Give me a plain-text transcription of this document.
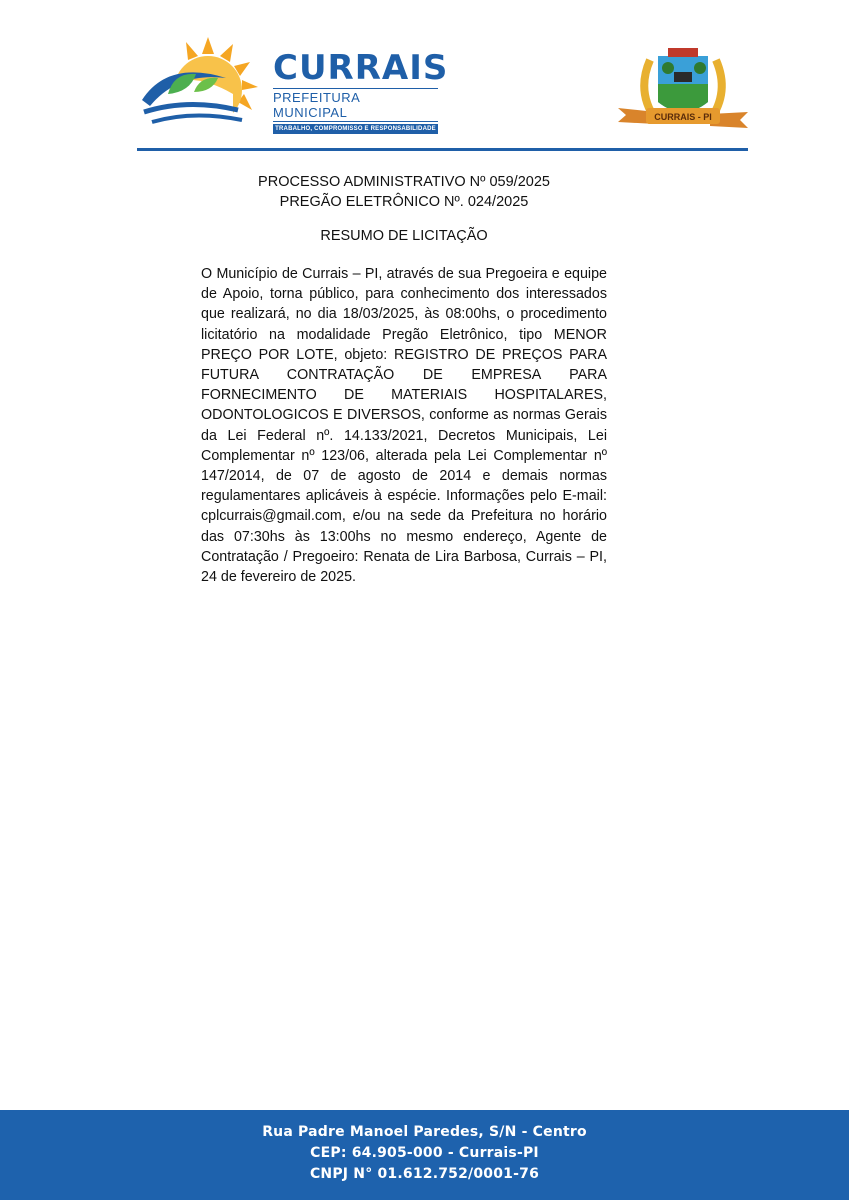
CURRAIS
PREFEITURA MUNICIPAL
TRABALHO, COMPROMISSO E RESPONSABILIDADE
CURRAIS - PI
PROCESSO ADMINISTRATIVO Nº 059/2025
PREGÃO ELETRÔNICO Nº. 024/2025
RESUMO DE LICITAÇÃO
O Município de Currais – PI, através de sua Pregoeira e equipe de Apoio, torna público, para conhecimento dos interessados que realizará, no dia 18/03/2025, às 08:00hs, o procedimento licitatório na modalidade Pregão Eletrônico, tipo MENOR PREÇO POR LOTE, objeto: REGISTRO DE PREÇOS PARA FUTURA CONTRATAÇÃO DE EMPRESA PARA FORNECIMENTO DE MATERIAIS HOSPITALARES, ODONTOLOGICOS E DIVERSOS, conforme as normas Gerais da Lei Federal nº. 14.133/2021, Decretos Municipais, Lei Complementar nº 123/06, alterada pela Lei Complementar nº 147/2014, de 07 de agosto de 2014 e demais normas regulamentares aplicáveis à espécie. Informações pelo E-mail: cplcurrais@gmail.com, e/ou na sede da Prefeitura no horário das 07:30hs às 13:00hs no mesmo endereço, Agente de Contratação / Pregoeiro: Renata de Lira Barbosa, Currais – PI, 24 de fevereiro de 2025.
Rua Padre Manoel Paredes, S/N - Centro
CEP: 64.905-000 - Currais-PI
CNPJ N° 01.612.752/0001-76
